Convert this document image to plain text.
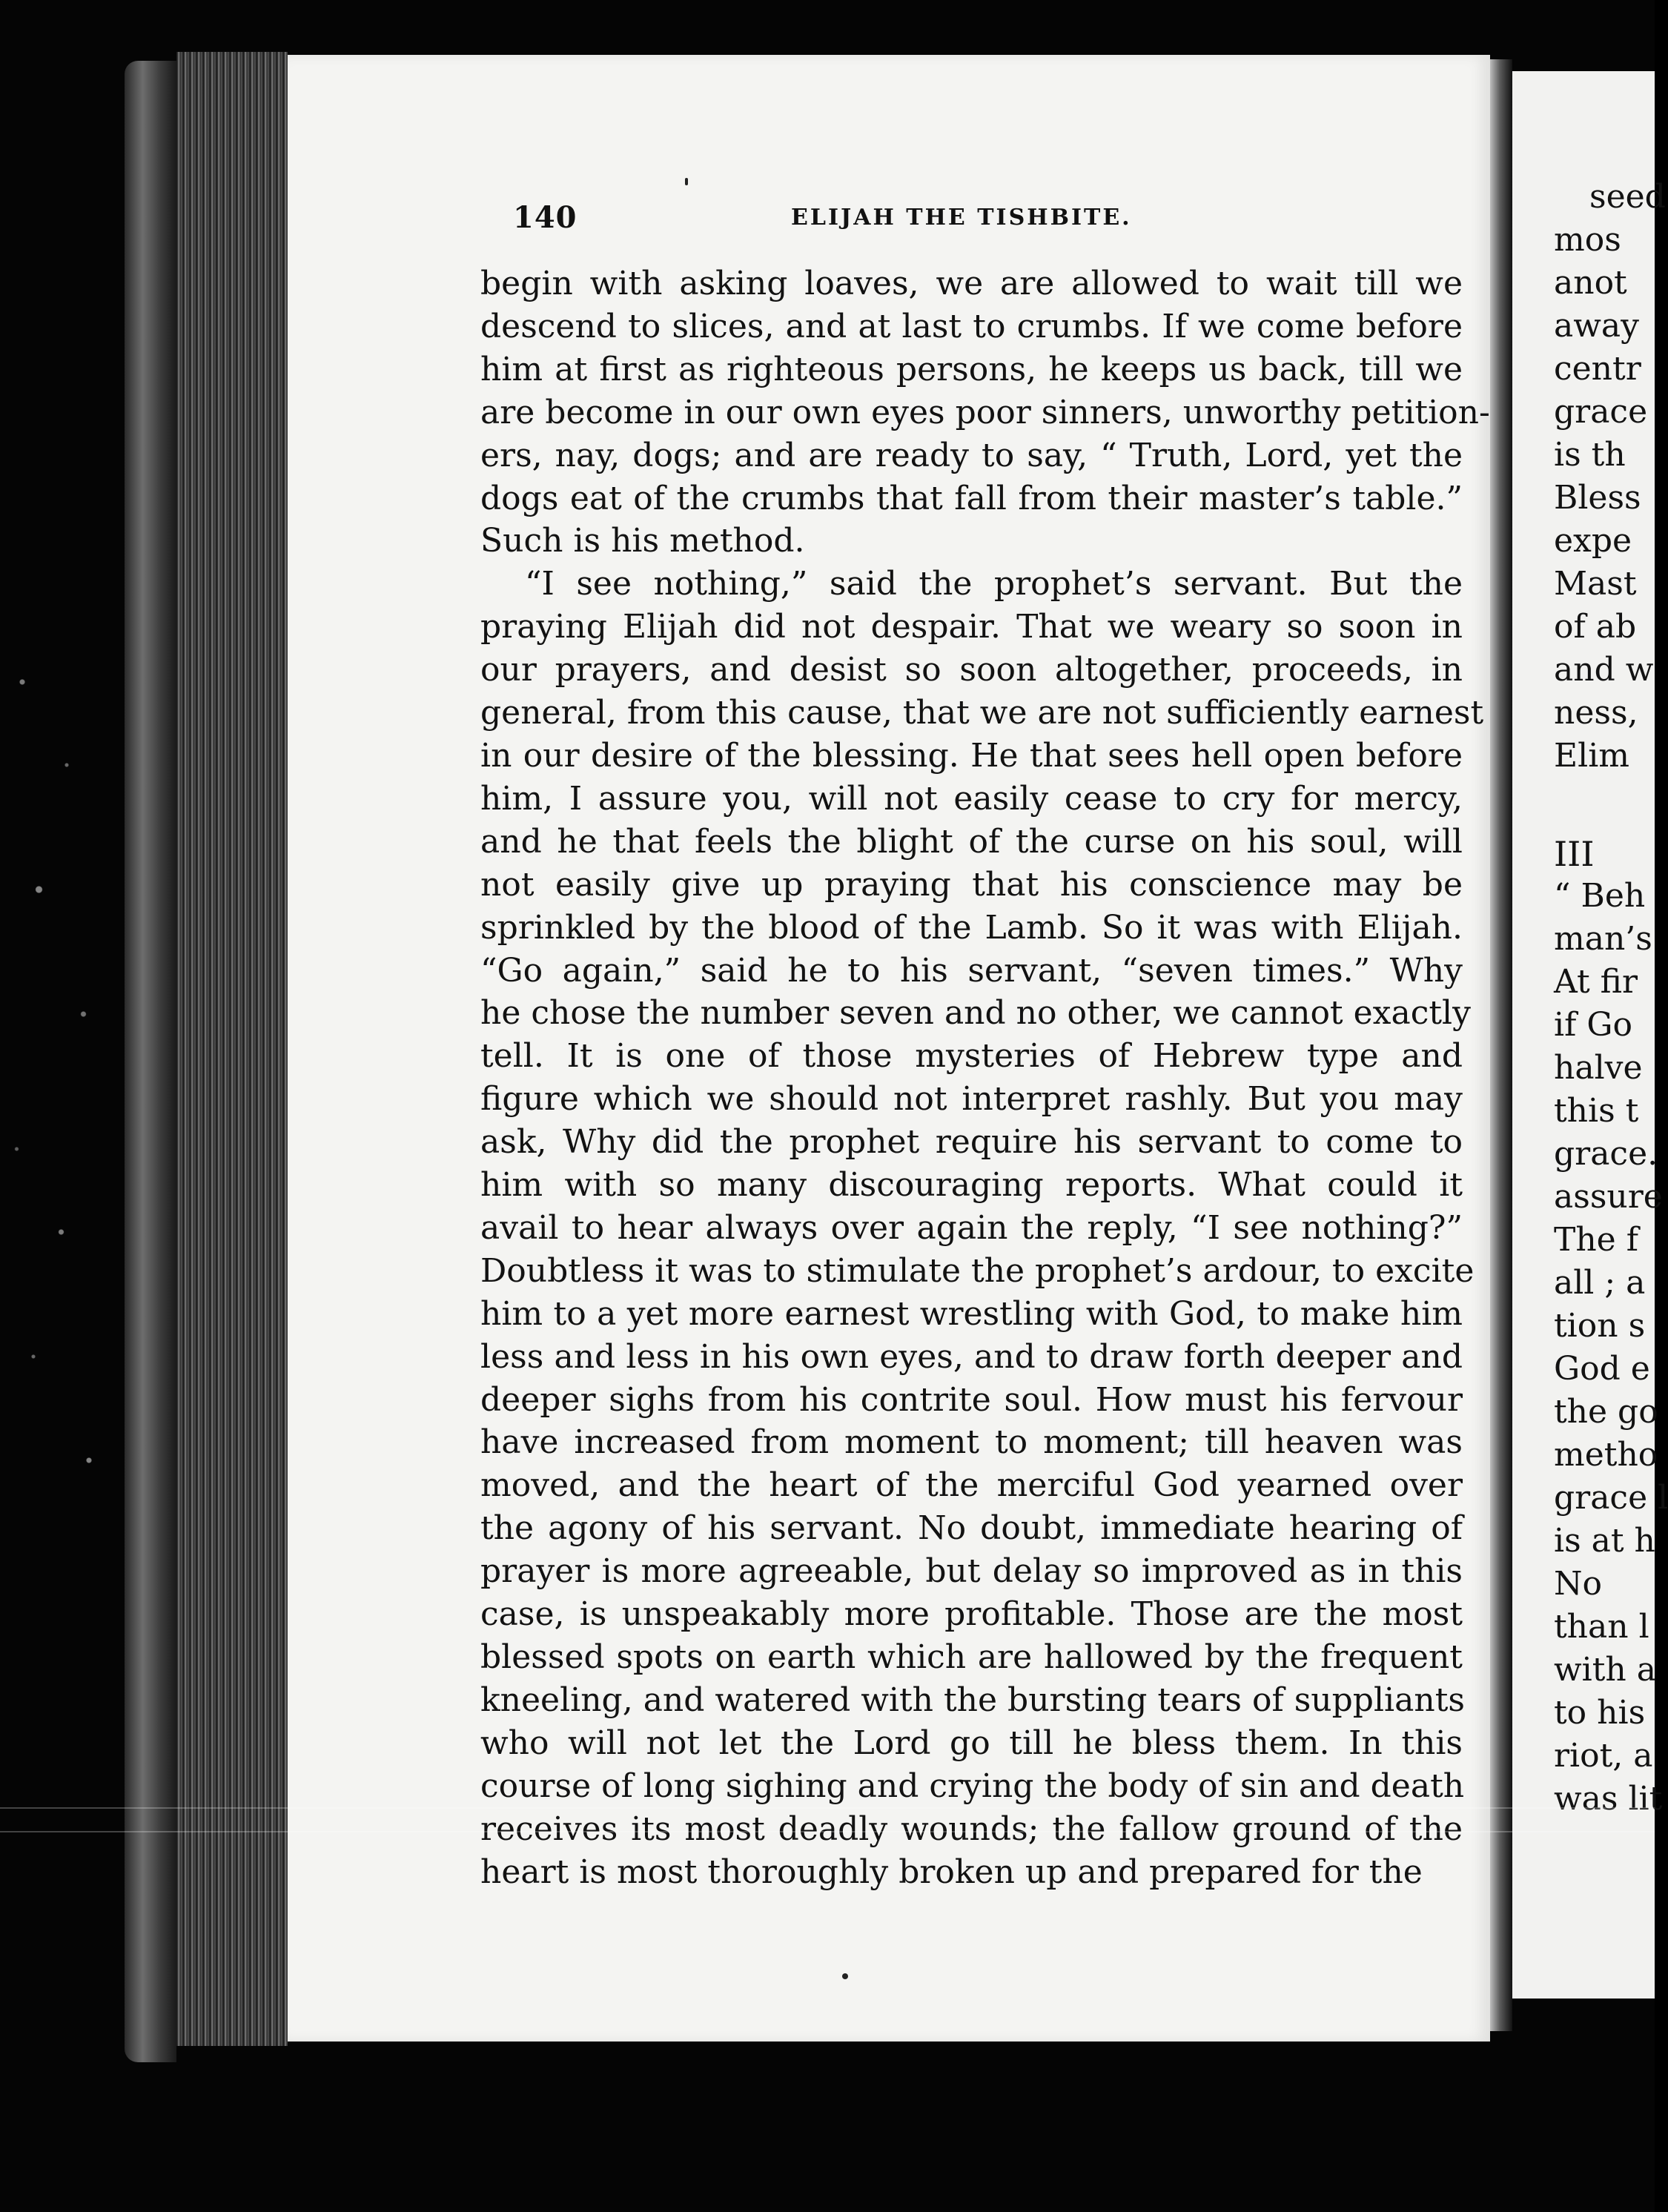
140	ELIJAH THE TISHBITE.
begin with asking loaves, we are allowed to wait till we
descend to slices, and at last to crumbs. If we come before
him at first as righteous persons, he keeps us back, till we
are become in our own eyes poor sinners, unworthy petition-
ers, nay, dogs; and are ready to say, “ Truth, Lord, yet the
dogs eat of the crumbs that fall from their master’s table.”
Such is his method.
“I see nothing,” said the prophet’s servant. But the
praying Elijah did not despair. That we weary so soon in
our prayers, and desist so soon altogether, proceeds, in
general, from this cause, that we are not sufficiently earnest
in our desire of the blessing. He that sees hell open before
him, I assure you, will not easily cease to cry for mercy,
and he that feels the blight of the curse on his soul, will
not easily give up praying that his conscience may be
sprinkled by the blood of the Lamb. So it was with Elijah.
“Go again,” said he to his servant, “seven times.” Why
he chose the number seven and no other, we cannot exactly
tell. It is one of those mysteries of Hebrew type and
figure which we should not interpret rashly. But you may
ask, Why did the prophet require his servant to come to
him with so many discouraging reports. What could it
avail to hear always over again the reply, “I see nothing?”
Doubtless it was to stimulate the prophet’s ardour, to excite
him to a yet more earnest wrestling with God, to make him
less and less in his own eyes, and to draw forth deeper and
deeper sighs from his contrite soul. How must his fervour
have increased from moment to moment; till heaven was
moved, and the heart of the merciful God yearned over
the agony of his servant. No doubt, immediate hearing of
prayer is more agreeable, but delay so improved as in this
case, is unspeakably more profitable. Those are the most
blessed spots on earth which are hallowed by the frequent
kneeling, and watered with the bursting tears of suppliants
who will not let the Lord go till he bless them. In this
course of long sighing and crying the body of sin and death
receives its most deadly wounds; the fallow ground of the
heart is most thoroughly broken up and prepared for the
seed
mos
anot
away
centr
grace
is th
Bless
expe
Mast
of ab
and w
ness,
Elim
III
“ Beh
man’s
At fir
if Go
halve
this t
grace.
assure
The f
all ; a
tion s
God e
the go
metho
grace l
is at h
No
than l
with a
to his
riot, a
was lit
